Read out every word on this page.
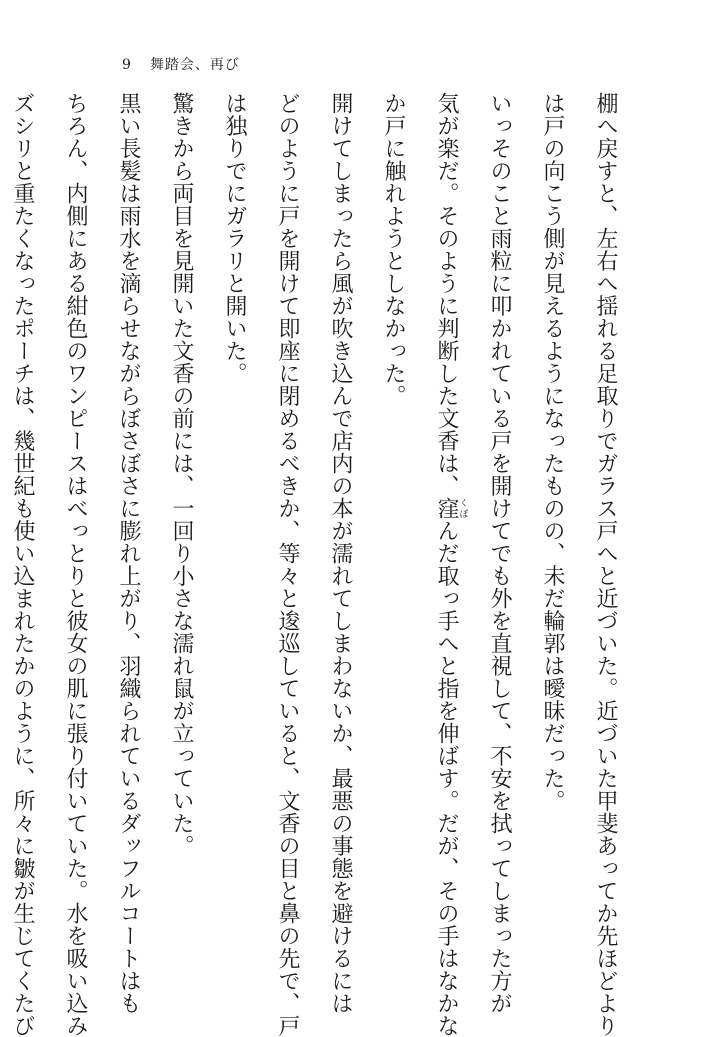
9 舞踏会、再び

棚へ戻すと、左右へ揺れる足取りでガラス戸へと近づいた。近づいた甲斐あってか先ほどより

は戸の向こう側が見えるようになったものの、未だ輪郭は曖昧だった。

いっそのこと雨粒に叩かれている戸を開けてでも外を直視して、不安を拭ってしまった方が

気が楽だ。そのように判断した文香は、窪くぼんだ取っ手へと指を伸ばす。だが、その手はなかな

か戸に触れようとしなかった。

開けてしまったら風が吹き込んで店内の本が濡れてしまわないか、最悪の事態を避けるには

どのように戸を開けて即座に閉めるべきか、等々と逡巡していると、文香の目と鼻の先で、戸

は独りでにガラリと開いた。

驚きから両目を見開いた文香の前には、一回り小さな濡れ鼠が立っていた。

黒い長髪は雨水を滴らせながらぼさぼさに膨れ上がり、羽織られているダッフルコートはも

ちろん、内側にある紺色のワンピースはべっとりと彼女の肌に張り付いていた。水を吸い込み

ズシリと重たくなったポーチは、幾世紀も使い込まれたかのように、所々に皺が生じてくたび
